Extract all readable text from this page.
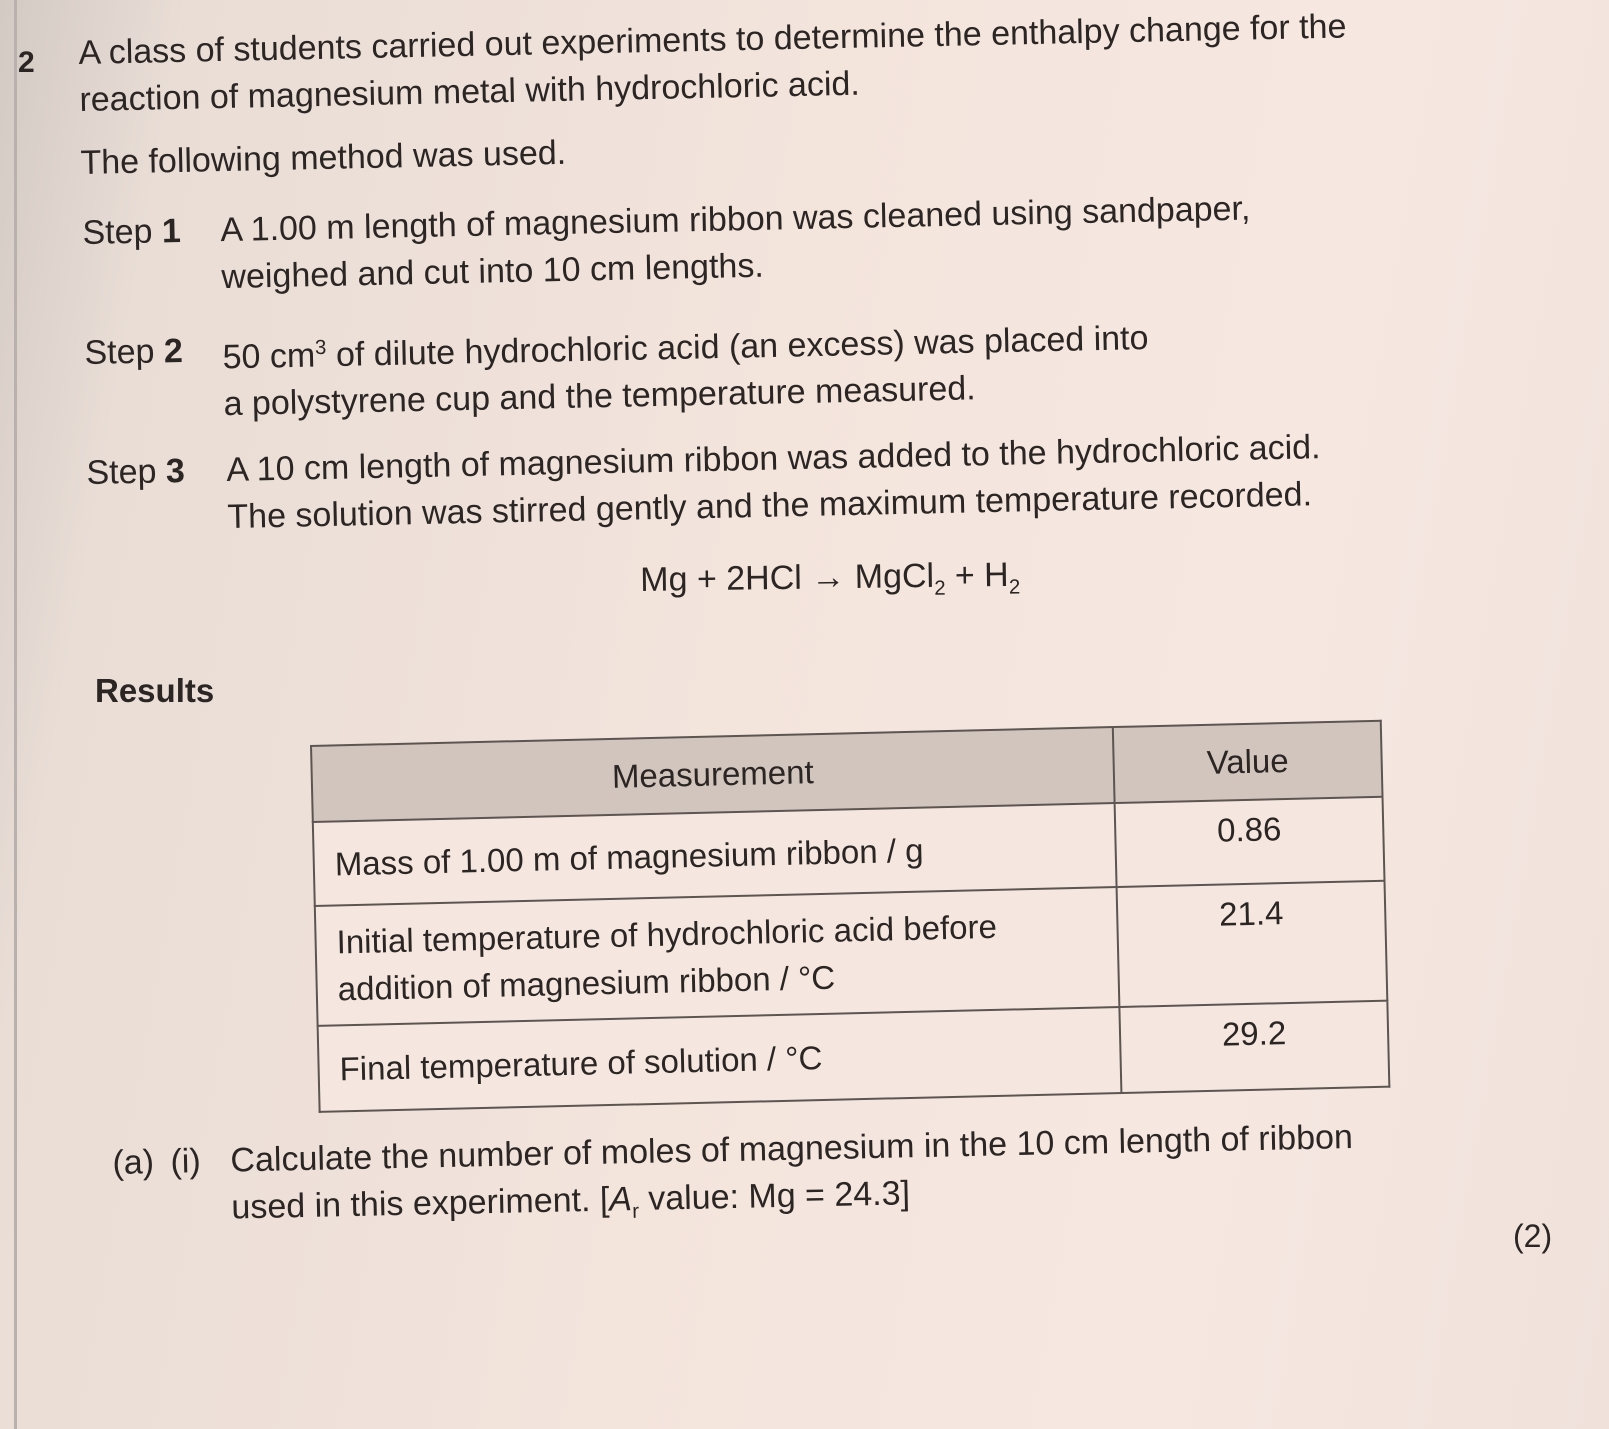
2 A class of students carried out experiments to determine the enthalpy change for the
reaction of magnesium metal with hydrochloric acid.
The following method was used.
Step 1	A 1.00 m length of magnesium ribbon was cleaned using sandpaper,
weighed and cut into 10 cm lengths.
Step 2	50 $cm^3$ of dilute hydrochloric acid (an excess) was placed into
a polystyrene cup and the temperature measured.
Step 3	A 10 cm length of magnesium ribbon was added to the hydrochloric acid.
The solution was stirred gently and the maximum temperature recorded.
Mg + 2HCl → MgCl$_2$ + $H_2$
Results
Measurement	Value

Mass of 1.00 m of magnesium ribbon / g	0.86

Initial temperature of hydrochloric acid before
addition of magnesium ribbon / °C	21.4

Final temperature of solution / °C	29.2
(a) (i) Calculate the number of moles of magnesium in the 10 cm length of ribbon
used in this experiment. [$A_r$ value: Mg = 24.3]
(2)
